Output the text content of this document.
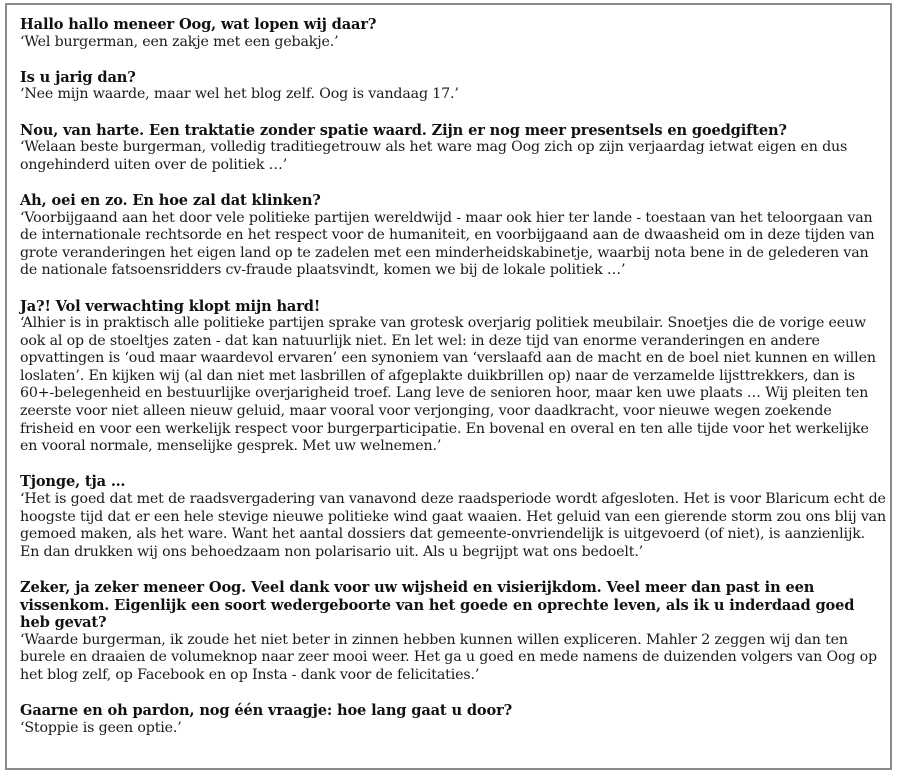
Hallo hallo meneer Oog, wat lopen wij daar?

‘Wel burgerman, een zakje met een gebakje.’

Is u jarig dan?

‘Nee mijn waarde, maar wel het blog zelf. Oog is vandaag 17.’

Nou, van harte. Een traktatie zonder spatie waard. Zijn er nog meer presentsels en goedgiften?

‘Welaan beste burgerman, volledig traditiegetrouw als het ware mag Oog zich op zijn verjaardag ietwat eigen en dus ongehinderd uiten over de politiek …’

Ah, oei en zo. En hoe zal dat klinken?

‘Voorbijgaand aan het door vele politieke partijen wereldwijd - maar ook hier ter lande - toestaan van het teloorgaan van de internationale rechtsorde en het respect voor de humaniteit, en voorbijgaand aan de dwaasheid om in deze tijden van grote veranderingen het eigen land op te zadelen met een minderheidskabinetje, waarbij nota bene in de gelederen van de nationale fatsoensridders cv-fraude plaatsvindt, komen we bij de lokale politiek …’

Ja?! Vol verwachting klopt mijn hard!

‘Alhier is in praktisch alle politieke partijen sprake van grotesk overjarig politiek meubilair. Snoetjes die de vorige eeuw ook al op de stoeltjes zaten - dat kan natuurlijk niet. En let wel: in deze tijd van enorme veranderingen en andere opvattingen is ‘oud maar waardevol ervaren’ een synoniem van ‘verslaafd aan de macht en de boel niet kunnen en willen loslaten’. En kijken wij (al dan niet met lasbrillen of afgeplakte duikbrillen op) naar de verzamelde lijsttrekkers, dan is 60+-belegenheid en bestuurlijke overjarigheid troef. Lang leve de senioren hoor, maar ken uwe plaats … Wij pleiten ten zeerste voor niet alleen nieuw geluid, maar vooral voor verjonging, voor daadkracht, voor nieuwe wegen zoekende frisheid en voor een werkelijk respect voor burgerparticipatie. En bovenal en overal en ten alle tijde voor het werkelijke en vooral normale, menselijke gesprek. Met uw welnemen.’

Tjonge, tja …

‘Het is goed dat met de raadsvergadering van vanavond deze raadsperiode wordt afgesloten. Het is voor Blaricum echt de hoogste tijd dat er een hele stevige nieuwe politieke wind gaat waaien. Het geluid van een gierende storm zou ons blij van gemoed maken, als het ware. Want het aantal dossiers dat gemeente-onvriendelijk is uitgevoerd (of niet), is aanzienlijk. En dan drukken wij ons behoedzaam non polarisario uit. Als u begrijpt wat ons bedoelt.’

Zeker, ja zeker meneer Oog. Veel dank voor uw wijsheid en visierijkdom. Veel meer dan past in een vissenkom. Eigenlijk een soort wedergeboorte van het goede en oprechte leven, als ik u inderdaad goed heb gevat?

‘Waarde burgerman, ik zoude het niet beter in zinnen hebben kunnen willen expliceren. Mahler 2 zeggen wij dan ten burele en draaien de volumeknop naar zeer mooi weer. Het ga u goed en mede namens de duizenden volgers van Oog op het blog zelf, op Facebook en op Insta - dank voor de felicitaties.’

Gaarne en oh pardon, nog één vraagje: hoe lang gaat u door?

‘Stoppie is geen optie.’
